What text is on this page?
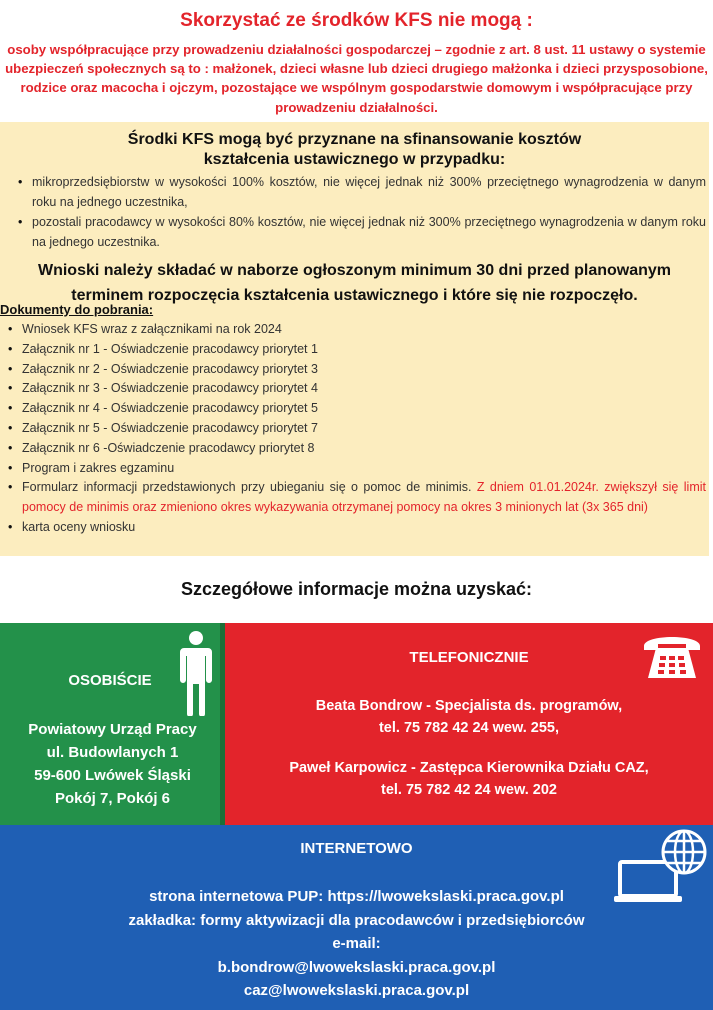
Skorzystać ze środków KFS nie mogą :
osoby współpracujące przy prowadzeniu działalności gospodarczej – zgodnie z art. 8 ust. 11 ustawy o systemie ubezpieczeń społecznych są to : małżonek, dzieci własne lub dzieci drugiego małżonka i dzieci przysposobione, rodzice oraz macocha i ojczym, pozostające we wspólnym gospodarstwie domowym i współpracujące przy prowadzeniu działalności.
Środki KFS mogą być przyznane na sfinansowanie kosztów
kształcenia ustawicznego w przypadku:
• mikroprzedsiębiorstw w wysokości 100% kosztów, nie więcej jednak niż 300% przeciętnego wynagrodzenia w danym roku na jednego uczestnika,
• pozostali pracodawcy w wysokości 80% kosztów, nie więcej jednak niż 300% przeciętnego wynagrodzenia w danym roku na jednego uczestnika.
Wnioski należy składać w naborze ogłoszonym minimum 30 dni przed planowanym
terminem rozpoczęcia kształcenia ustawicznego i które się nie rozpoczęło.
Dokumenty do pobrania:
• Wniosek KFS wraz z załącznikami na rok 2024
• Załącznik nr 1 - Oświadczenie pracodawcy priorytet 1
• Załącznik nr 2 - Oświadczenie pracodawcy priorytet 3
• Załącznik nr 3 - Oświadczenie pracodawcy priorytet 4
• Załącznik nr 4 - Oświadczenie pracodawcy priorytet 5
• Załącznik nr 5 - Oświadczenie pracodawcy priorytet 7
• Załącznik nr 6 -Oświadczenie pracodawcy priorytet 8
• Program i zakres egzaminu
• Formularz informacji przedstawionych przy ubieganiu się o pomoc de minimis. Z dniem 01.01.2024r. zwiększył się limit pomocy de minimis oraz zmieniono okres wykazywania otrzymanej pomocy na okres 3 minionych lat (3x 365 dni)
• karta oceny wniosku
Szczegółowe informacje można uzyskać:
OSOBIŚCIE
Powiatowy Urząd Pracy
ul. Budowlanych 1
59-600 Lwówek Śląski
Pokój 7, Pokój 6
TELEFONICZNIE
Beata Bondrow - Specjalista ds. programów,
tel. 75 782 42 24 wew. 255,
Paweł Karpowicz - Zastępca Kierownika Działu CAZ,
tel. 75 782 42 24 wew. 202
INTERNETOWO
strona internetowa PUP: https://lwowekslaski.praca.gov.pl
zakładka: formy aktywizacji dla pracodawców i przedsiębiorców
e-mail:
b.bondrow@lwowekslaski.praca.gov.pl
caz@lwowekslaski.praca.gov.pl
